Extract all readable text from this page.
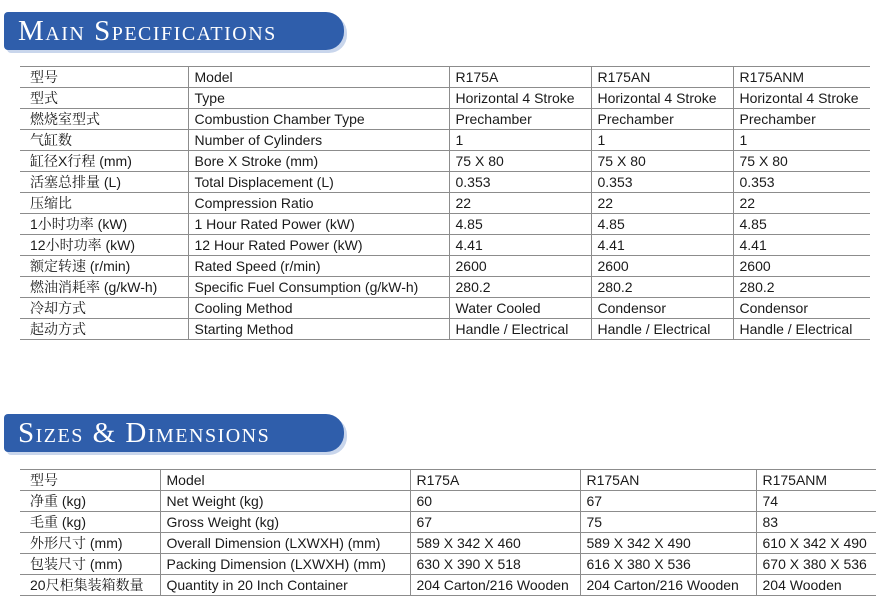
Main Specifications
型号	Model	R175A	R175AN	R175ANM
型式	Type	Horizontal 4 Stroke	Horizontal 4 Stroke	Horizontal 4 Stroke
燃烧室型式	Combustion Chamber Type	Prechamber	Prechamber	Prechamber
气缸数	Number of Cylinders	1	1	1
缸径X行程 (mm)	Bore X Stroke (mm)	75 X 80	75 X 80	75 X 80
活塞总排量 (L)	Total Displacement (L)	0.353	0.353	0.353
压缩比	Compression Ratio	22	22	22
1小时功率 (kW)	1 Hour Rated Power (kW)	4.85	4.85	4.85
12小时功率 (kW)	12 Hour Rated Power (kW)	4.41	4.41	4.41
额定转速 (r/min)	Rated Speed (r/min)	2600	2600	2600
燃油消耗率 (g/kW-h)	Specific Fuel Consumption (g/kW-h)	280.2	280.2	280.2
冷却方式	Cooling Method	Water Cooled	Condensor	Condensor
起动方式	Starting Method	Handle / Electrical	Handle / Electrical	Handle / Electrical
Sizes & Dimensions
型号	Model	R175A	R175AN	R175ANM
净重 (kg)	Net Weight (kg)	60	67	74
毛重 (kg)	Gross Weight (kg)	67	75	83
外形尺寸 (mm)	Overall Dimension (LXWXH) (mm)	589 X 342 X 460	589 X 342 X 490	610 X 342 X 490
包装尺寸 (mm)	Packing Dimension (LXWXH) (mm)	630 X 390 X 518	616 X 380 X 536	670 X 380 X 536
20尺柜集装箱数量	Quantity in 20 Inch Container	204 Carton/216 Wooden	204 Carton/216 Wooden	204 Wooden
